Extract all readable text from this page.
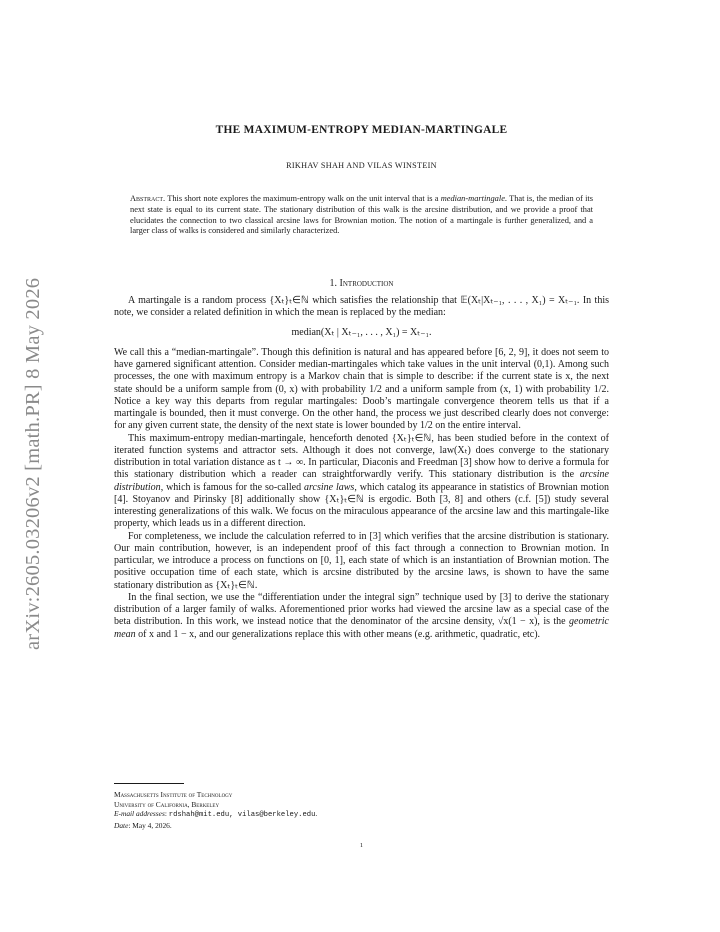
arXiv:2605.03206v2 [math.PR] 8 May 2026
THE MAXIMUM-ENTROPY MEDIAN-MARTINGALE
RIKHAV SHAH AND VILAS WINSTEIN
Abstract. This short note explores the maximum-entropy walk on the unit interval that is a median-martingale. That is, the median of its next state is equal to its current state. The stationary distribution of this walk is the arcsine distribution, and we provide a proof that elucidates the connection to two classical arcsine laws for Brownian motion. The notion of a martingale is further generalized, and a larger class of walks is considered and similarly characterized.
1. Introduction

A martingale is a random process {Xₜ}ₜ∈ℕ which satisfies the relationship that 𝔼(Xₜ|Xₜ₋₁, . . . , X₁) = Xₜ₋₁. In this note, we consider a related definition in which the mean is replaced by the median:

median(Xₜ | Xₜ₋₁, . . . , X₁) = Xₜ₋₁.

We call this a “median-martingale”. Though this definition is natural and has appeared before [6, 2, 9], it does not seem to have garnered significant attention. Consider median-martingales which take values in the unit interval (0,1). Among such processes, the one with maximum entropy is a Markov chain that is simple to describe: if the current state is x, the next state should be a uniform sample from (0, x) with probability 1/2 and a uniform sample from (x, 1) with probability 1/2. Notice a key way this departs from regular martingales: Doob’s martingale convergence theorem tells us that if a martingale is bounded, then it must converge. On the other hand, the process we just described clearly does not converge: for any given current state, the density of the next state is lower bounded by 1/2 on the entire interval.

This maximum-entropy median-martingale, henceforth denoted {Xₜ}ₜ∈ℕ, has been studied before in the context of iterated function systems and attractor sets. Although it does not converge, law(Xₜ) does converge to the stationary distribution in total variation distance as t → ∞. In particular, Diaconis and Freedman [3] show how to derive a formula for this stationary distribution which a reader can straightforwardly verify. This stationary distribution is the arcsine distribution, which is famous for the so-called arcsine laws, which catalog its appearance in statistics of Brownian motion [4]. Stoyanov and Pirinsky [8] additionally show {Xₜ}ₜ∈ℕ is ergodic. Both [3, 8] and others (c.f. [5]) study several interesting generalizations of this walk. We focus on the miraculous appearance of the arcsine law and this martingale-like property, which leads us in a different direction.

For completeness, we include the calculation referred to in [3] which verifies that the arcsine distribution is stationary. Our main contribution, however, is an independent proof of this fact through a connection to Brownian motion. In particular, we introduce a process on functions on [0, 1], each state of which is an instantiation of Brownian motion. The positive occupation time of each state, which is arcsine distributed by the arcsine laws, is shown to have the same stationary distribution as {Xₜ}ₜ∈ℕ.

In the final section, we use the “differentiation under the integral sign” technique used by [3] to derive the stationary distribution of a larger family of walks. Aforementioned prior works had viewed the arcsine law as a special case of the beta distribution. In this work, we instead notice that the denominator of the arcsine density, √x(1 − x), is the geometric mean of x and 1 − x, and our generalizations replace this with other means (e.g. arithmetic, quadratic, etc).

Massachusetts Institute of Technology
University of California, Berkeley
E-mail addresses: rdshah@mit.edu, vilas@berkeley.edu.
Date: May 4, 2026.
1
